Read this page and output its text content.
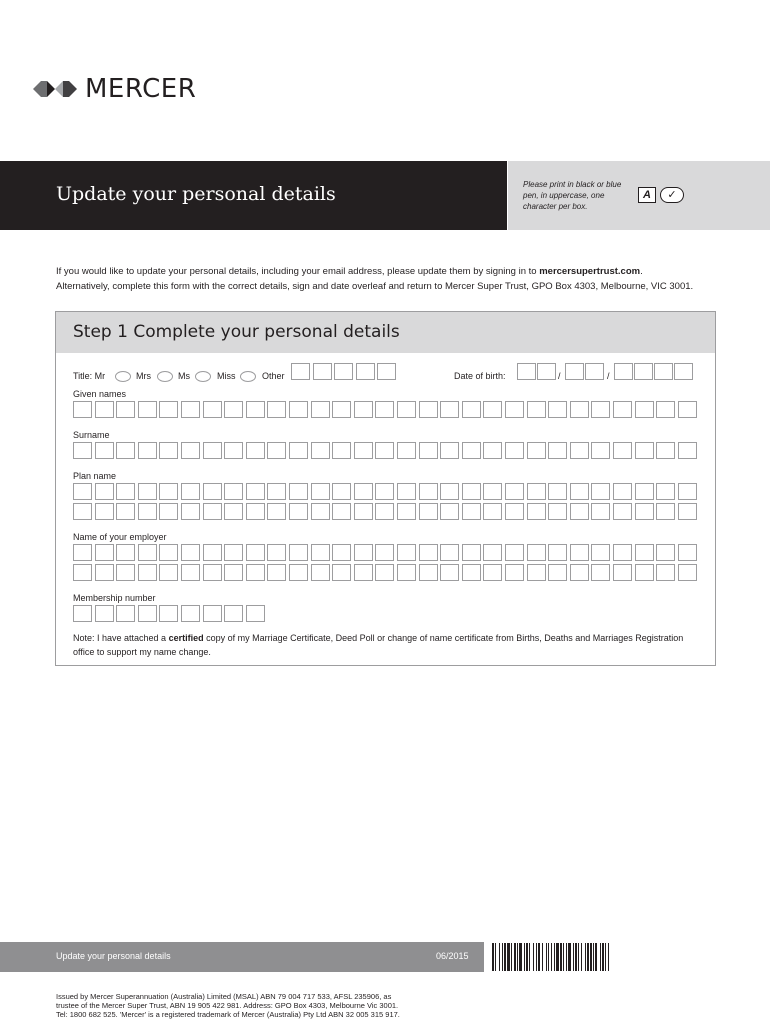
MERCER
Update your personal details	Please print in black or blue pen, in uppercase, one character per box.
A	✓
If you would like to update your personal details, including your email address, please update them by signing in to mercersupertrust.com.
Alternatively, complete this form with the correct details, sign and date overleaf and return to Mercer Super Trust, GPO Box 4303, Melbourne, VIC 3001.
Step 1 Complete your personal details
Title: Mr	Mrs	Ms	Miss	Other	Date of birth:	/	/
Given names
Surname
Plan name
Name of your employer
Membership number
Note: I have attached a certified copy of my Marriage Certificate, Deed Poll or change of name certificate from Births, Deaths and Marriages Registration office to support my name change.
Update your personal details	06/2015
Issued by Mercer Superannuation (Australia) Limited (MSAL) ABN 79 004 717 533, AFSL 235906, as
trustee of the Mercer Super Trust, ABN 19 905 422 981. Address: GPO Box 4303, Melbourne Vic 3001.
Tel: 1800 682 525. 'Mercer' is a registered trademark of Mercer (Australia) Pty Ltd ABN 32 005 315 917.
